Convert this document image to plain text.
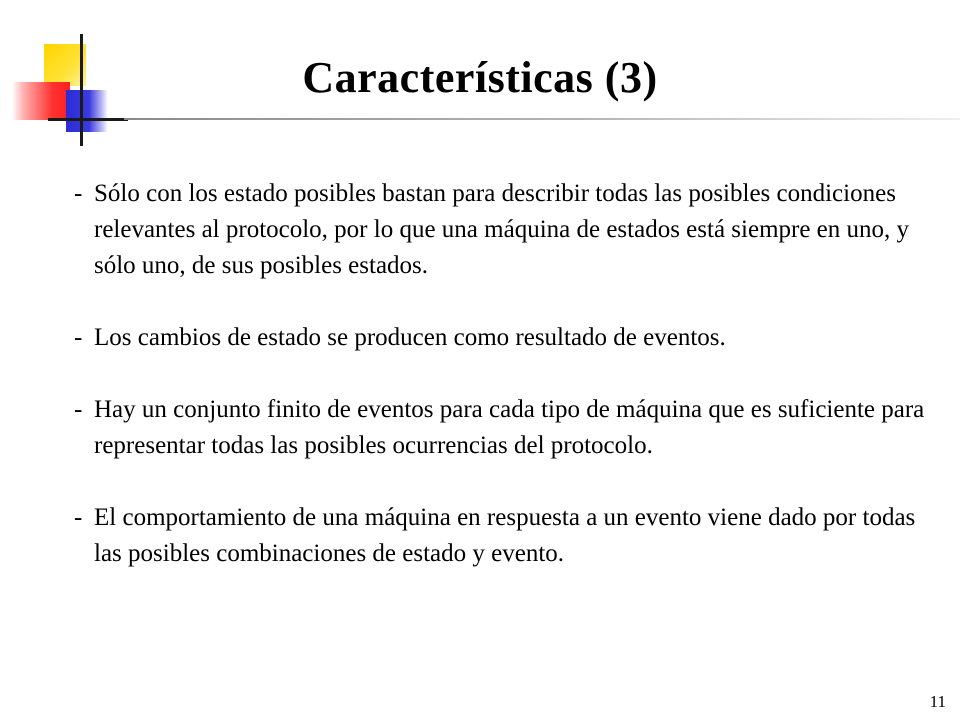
Características (3)
- Sólo con los estado posibles bastan para describir todas las posibles condiciones relevantes al protocolo, por lo que una máquina de estados está siempre en uno, y sólo uno, de sus posibles estados.
- Los cambios de estado se producen como resultado de eventos.
- Hay un conjunto finito de eventos para cada tipo de máquina que es suficiente para representar todas las posibles ocurrencias del protocolo.
- El comportamiento de una máquina en respuesta a un evento viene dado por todas las posibles combinaciones de estado y evento.
11
